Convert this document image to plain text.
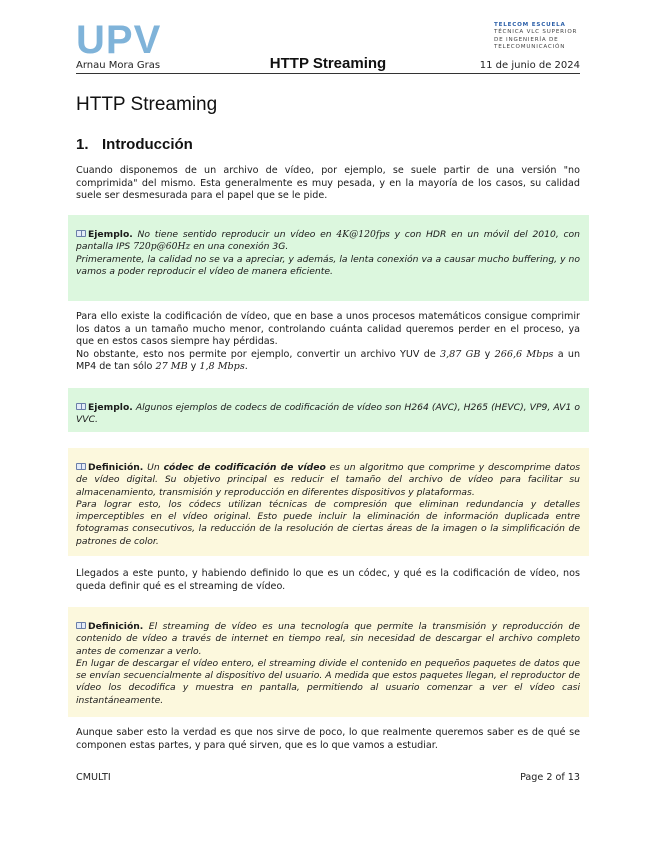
UPV
Arnau Mora Gras	HTTP Streaming	11 de junio de 2024
TELECOM ESCUELA
TÉCNICA VLC SUPERIOR
DE INGENIERÍA DE
TELECOMUNICACIÓN
HTTP Streaming
1. Introducción
Cuando disponemos de un archivo de vídeo, por ejemplo, se suele partir de una versión "no comprimida" del mismo. Esta generalmente es muy pesada, y en la mayoría de los casos, su calidad suele ser desmesurada para el papel que se le pide.
Ejemplo. No tiene sentido reproducir un vídeo en 4K@120fps y con HDR en un móvil del 2010, con pantalla IPS 720p@60Hz en una conexión 3G.
Primeramente, la calidad no se va a apreciar, y además, la lenta conexión va a causar mucho buffering, y no vamos a poder reproducir el vídeo de manera eficiente.
Para ello existe la codificación de vídeo, que en base a unos procesos matemáticos consigue comprimir los datos a un tamaño mucho menor, controlando cuánta calidad queremos perder en el proceso, ya que en estos casos siempre hay pérdidas.
No obstante, esto nos permite por ejemplo, convertir un archivo YUV de 3,87 GB y 266,6 Mbps a un MP4 de tan sólo 27 MB y 1,8 Mbps.
Ejemplo. Algunos ejemplos de codecs de codificación de vídeo son H264 (AVC), H265 (HEVC), VP9, AV1 o VVC.
Definición. Un códec de codificación de vídeo es un algoritmo que comprime y descomprime datos de vídeo digital. Su objetivo principal es reducir el tamaño del archivo de vídeo para facilitar su almacenamiento, transmisión y reproducción en diferentes dispositivos y plataformas.
Para lograr esto, los códecs utilizan técnicas de compresión que eliminan redundancia y detalles imperceptibles en el vídeo original. Esto puede incluir la eliminación de información duplicada entre fotogramas consecutivos, la reducción de la resolución de ciertas áreas de la imagen o la simplificación de patrones de color.
Llegados a este punto, y habiendo definido lo que es un códec, y qué es la codificación de vídeo, nos queda definir qué es el streaming de vídeo.
Definición. El streaming de vídeo es una tecnología que permite la transmisión y reproducción de contenido de vídeo a través de internet en tiempo real, sin necesidad de descargar el archivo completo antes de comenzar a verlo.
En lugar de descargar el vídeo entero, el streaming divide el contenido en pequeños paquetes de datos que se envían secuencialmente al dispositivo del usuario. A medida que estos paquetes llegan, el reproductor de vídeo los decodifica y muestra en pantalla, permitiendo al usuario comenzar a ver el vídeo casi instantáneamente.
Aunque saber esto la verdad es que nos sirve de poco, lo que realmente queremos saber es de qué se componen estas partes, y para qué sirven, que es lo que vamos a estudiar.
CMULTI	Page 2 of 13
